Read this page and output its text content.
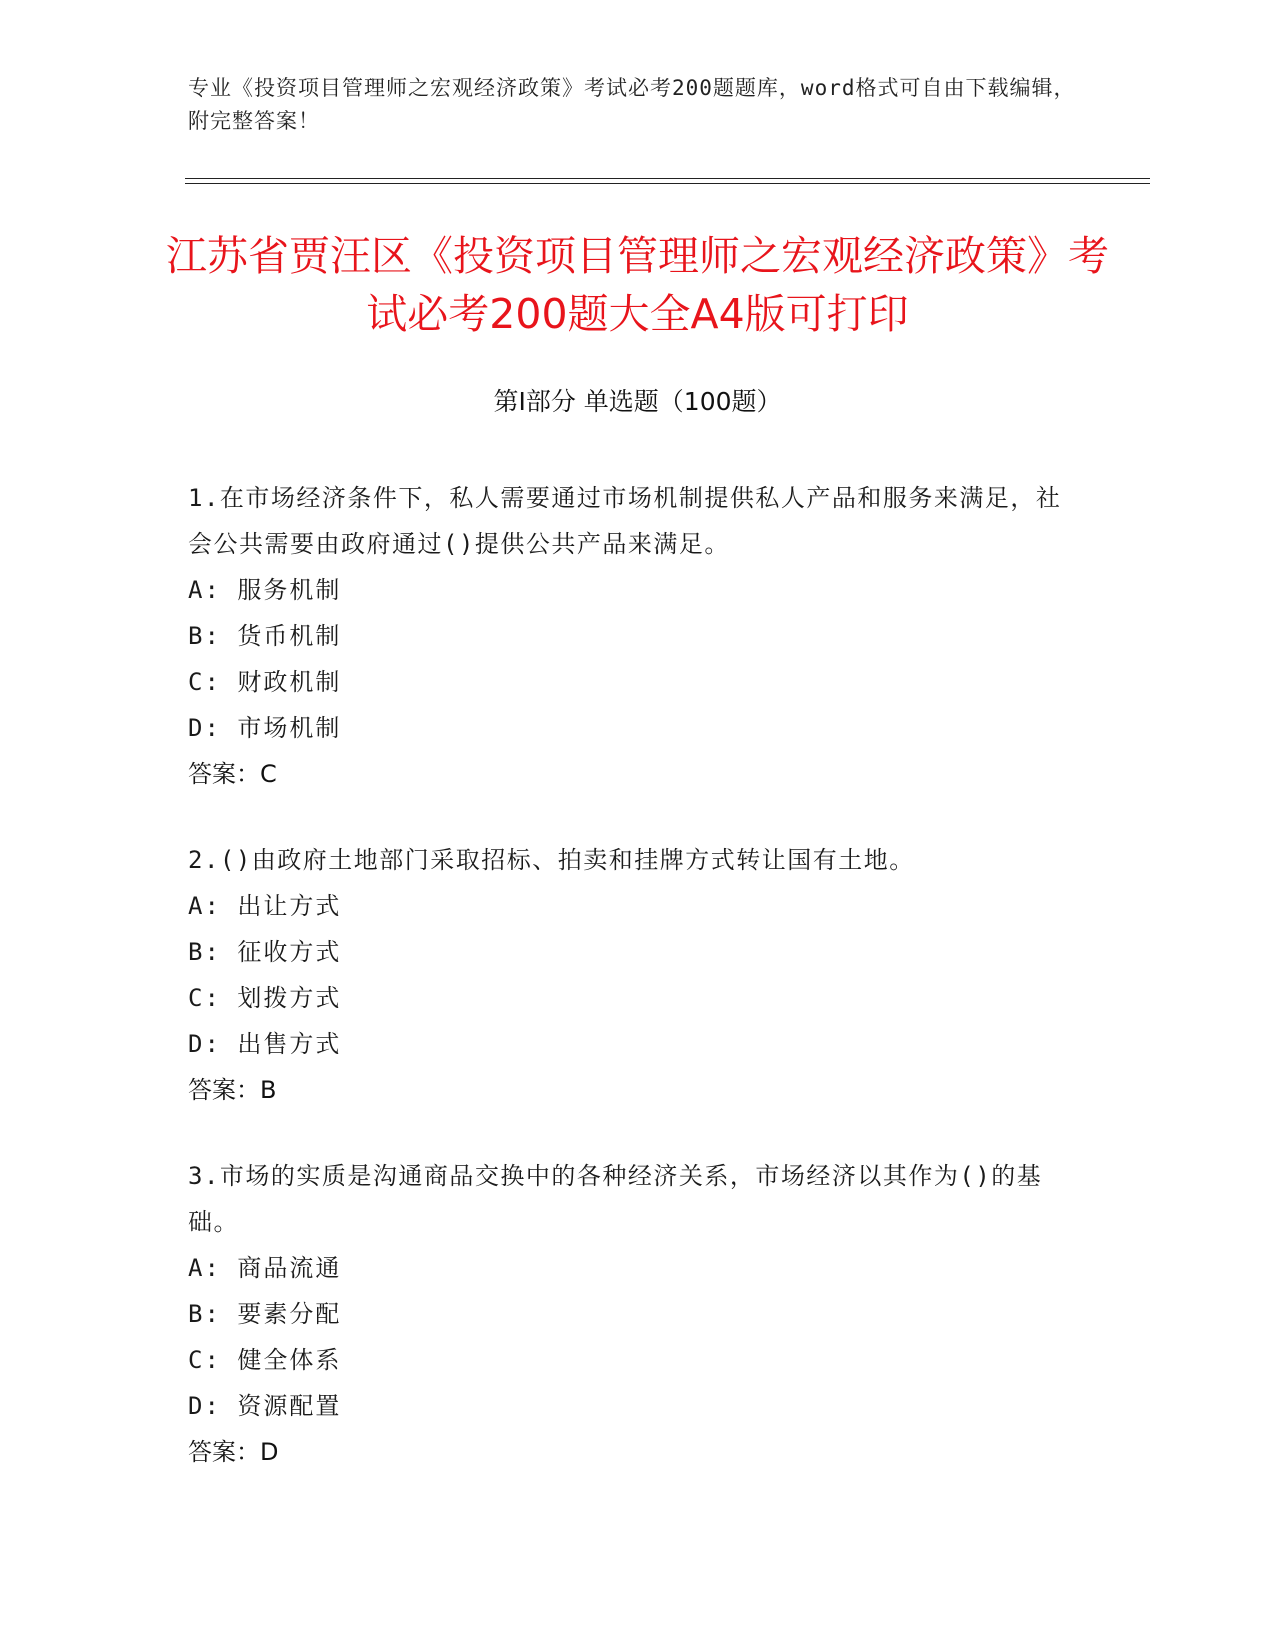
专业《投资项目管理师之宏观经济政策》考试必考200题题库，word格式可自由下载编辑，附完整答案！
江苏省贾汪区《投资项目管理师之宏观经济政策》考试必考200题大全A4版可打印
第Ⅰ部分 单选题（100题）
1.在市场经济条件下，私人需要通过市场机制提供私人产品和服务来满足，社会公共需要由政府通过()提供公共产品来满足。
A: 服务机制
B: 货币机制
C: 财政机制
D: 市场机制
答案：C
2.()由政府土地部门采取招标、拍卖和挂牌方式转让国有土地。
A: 出让方式
B: 征收方式
C: 划拨方式
D: 出售方式
答案：B
3.市场的实质是沟通商品交换中的各种经济关系，市场经济以其作为()的基础。
A: 商品流通
B: 要素分配
C: 健全体系
D: 资源配置
答案：D
